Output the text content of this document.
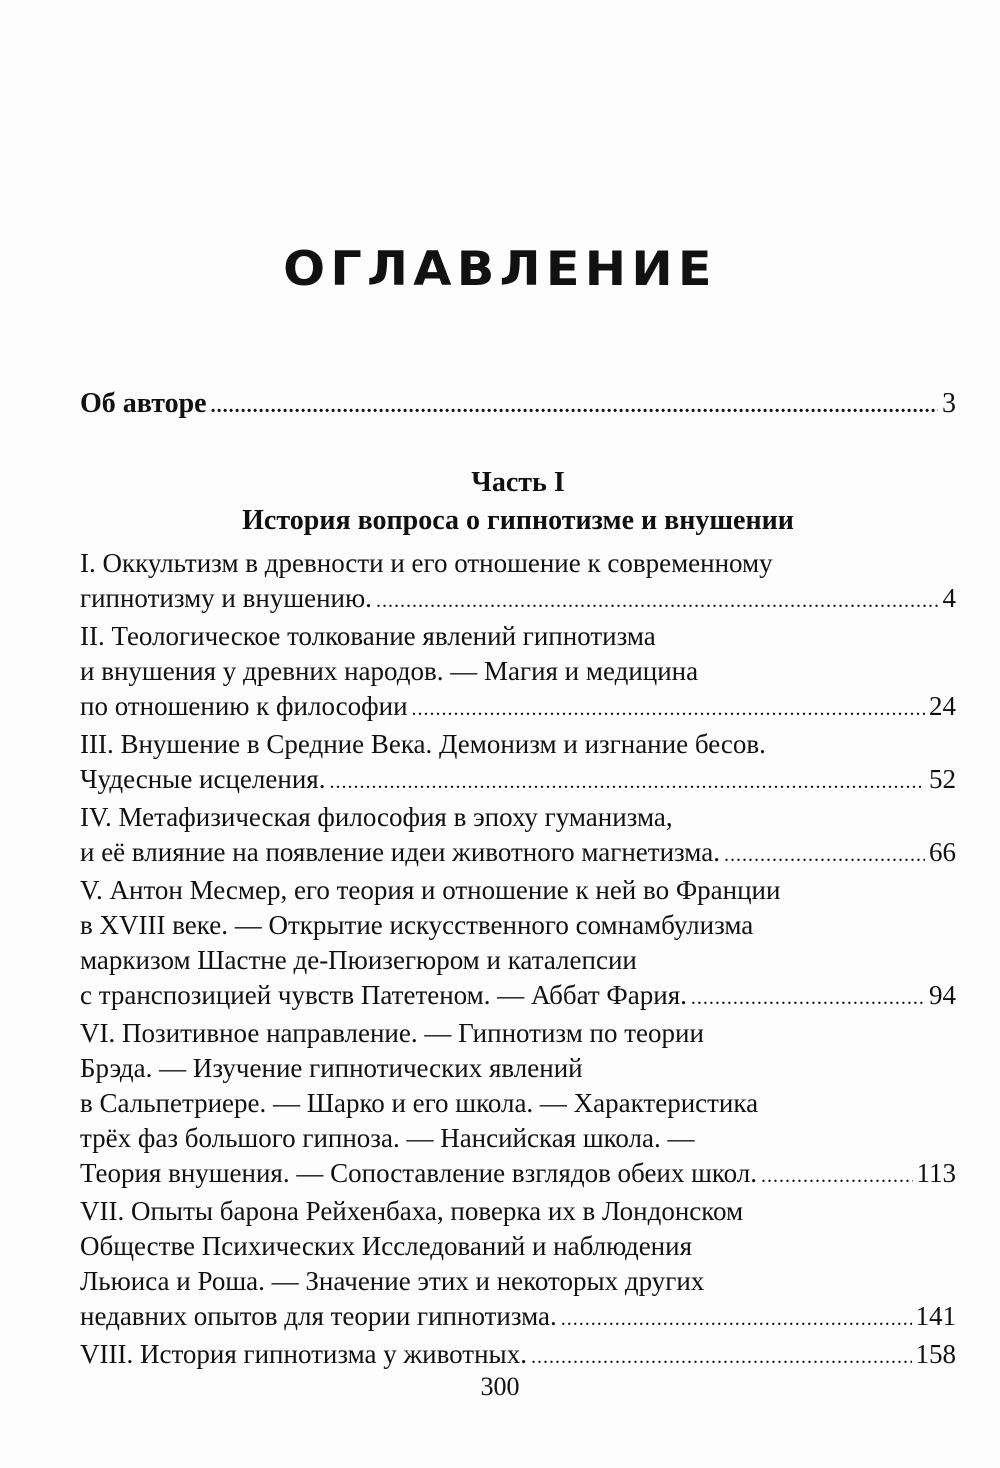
ОГЛАВЛЕНИЕ
Об авторе . . .	3
Часть I
История вопроса о гипнотизме и внушении
I. Оккультизм в древности и его отношение к современному
гипнотизму и внушению. . . .	4
II. Теологическое толкование явлений гипнотизма
и внушения у древних народов. — Магия и медицина
по отношению к философии . . .	24
III. Внушение в Средние Века. Демонизм и изгнание бесов.
Чудесные исцеления. . . .	52
IV. Метафизическая философия в эпоху гуманизма,
и её влияние на появление идеи животного магнетизма. . . .	66
V. Антон Месмер, его теория и отношение к ней во Франции
в XVIII веке. — Открытие искусственного сомнамбулизма
маркизом Шастне де-Пюизегюром и каталепсии
с транспозицией чувств Патетеном. — Аббат Фария. . . .	94
VI. Позитивное направление. — Гипнотизм по теории
Брэда. — Изучение гипнотических явлений
в Сальпетриере. — Шарко и его школа. — Характеристика
трёх фаз большого гипноза. — Нансийская школа. —
Теория внушения. — Сопоставление взглядов обеих школ. . . .	113
VII. Опыты барона Рейхенбаха, поверка их в Лондонском
Обществе Психических Исследований и наблюдения
Льюиса и Роша. — Значение этих и некоторых других
недавних опытов для теории гипнотизма. . . .	141
VIII. История гипнотизма у животных. . . .	158
300
